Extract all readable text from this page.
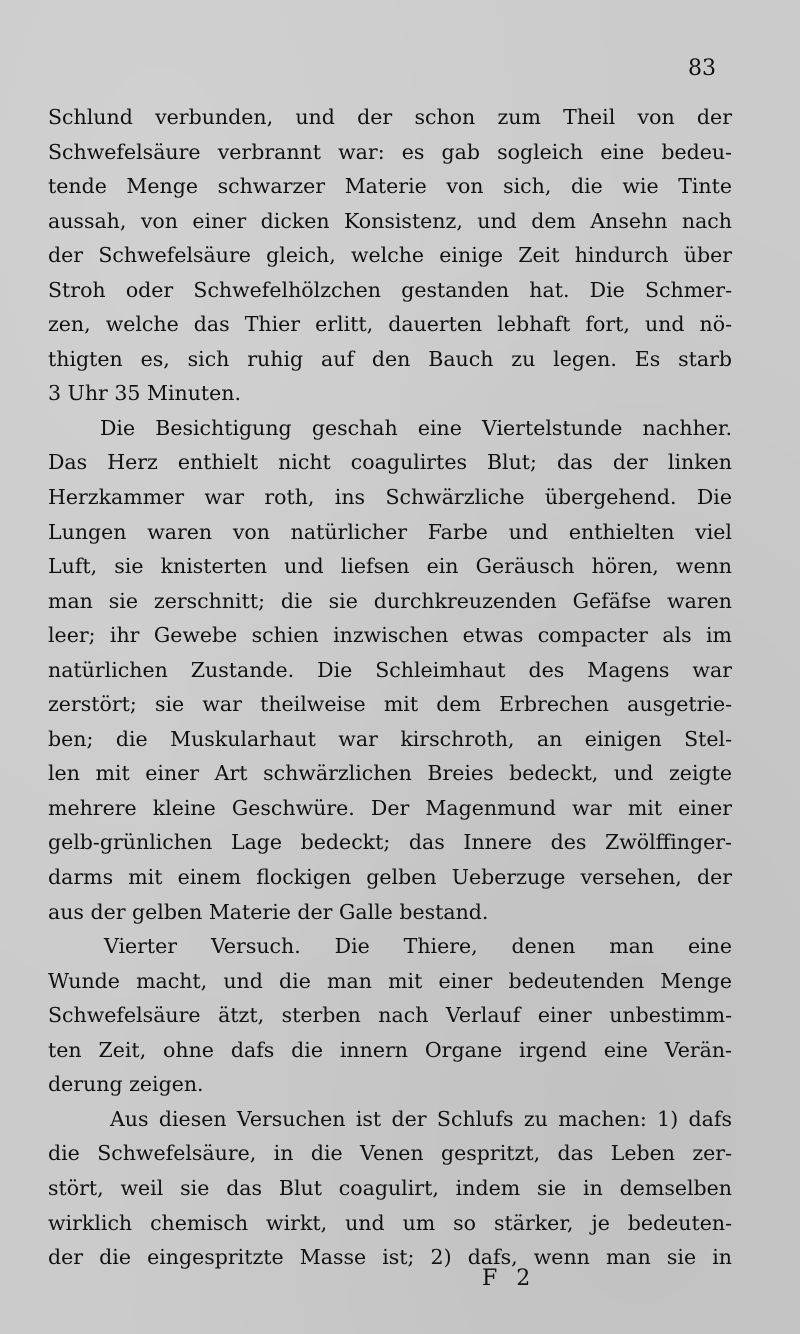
83
Schlund verbunden, und der schon zum Theil von der
Schwefelsäure verbrannt war: es gab sogleich eine bedeu-
tende Menge schwarzer Materie von sich, die wie Tinte
aussah, von einer dicken Konsistenz, und dem Ansehn nach
der Schwefelsäure gleich, welche einige Zeit hindurch über
Stroh oder Schwefelhölzchen gestanden hat. Die Schmer-
zen, welche das Thier erlitt, dauerten lebhaft fort, und nö-
thigten es, sich ruhig auf den Bauch zu legen. Es starb
3 Uhr 35 Minuten.
Die Besichtigung geschah eine Viertelstunde nachher.
Das Herz enthielt nicht coagulirtes Blut; das der linken
Herzkammer war roth, ins Schwärzliche übergehend. Die
Lungen waren von natürlicher Farbe und enthielten viel
Luft, sie knisterten und liefsen ein Geräusch hören, wenn
man sie zerschnitt; die sie durchkreuzenden Gefäfse waren
leer; ihr Gewebe schien inzwischen etwas compacter als im
natürlichen Zustande. Die Schleimhaut des Magens war
zerstört; sie war theilweise mit dem Erbrechen ausgetrie-
ben; die Muskularhaut war kirschroth, an einigen Stel-
len mit einer Art schwärzlichen Breies bedeckt, und zeigte
mehrere kleine Geschwüre. Der Magenmund war mit einer
gelb-grünlichen Lage bedeckt; das Innere des Zwölffinger-
darms mit einem flockigen gelben Ueberzuge versehen, der
aus der gelben Materie der Galle bestand.
Vierter Versuch. Die Thiere, denen man eine
Wunde macht, und die man mit einer bedeutenden Menge
Schwefelsäure ätzt, sterben nach Verlauf einer unbestimm-
ten Zeit, ohne dafs die innern Organe irgend eine Verän-
derung zeigen.
Aus diesen Versuchen ist der Schlufs zu machen: 1) dafs
die Schwefelsäure, in die Venen gespritzt, das Leben zer-
stört, weil sie das Blut coagulirt, indem sie in demselben
wirklich chemisch wirkt, und um so stärker, je bedeuten-
der die eingespritzte Masse ist; 2) dafs, wenn man sie in
F 2
